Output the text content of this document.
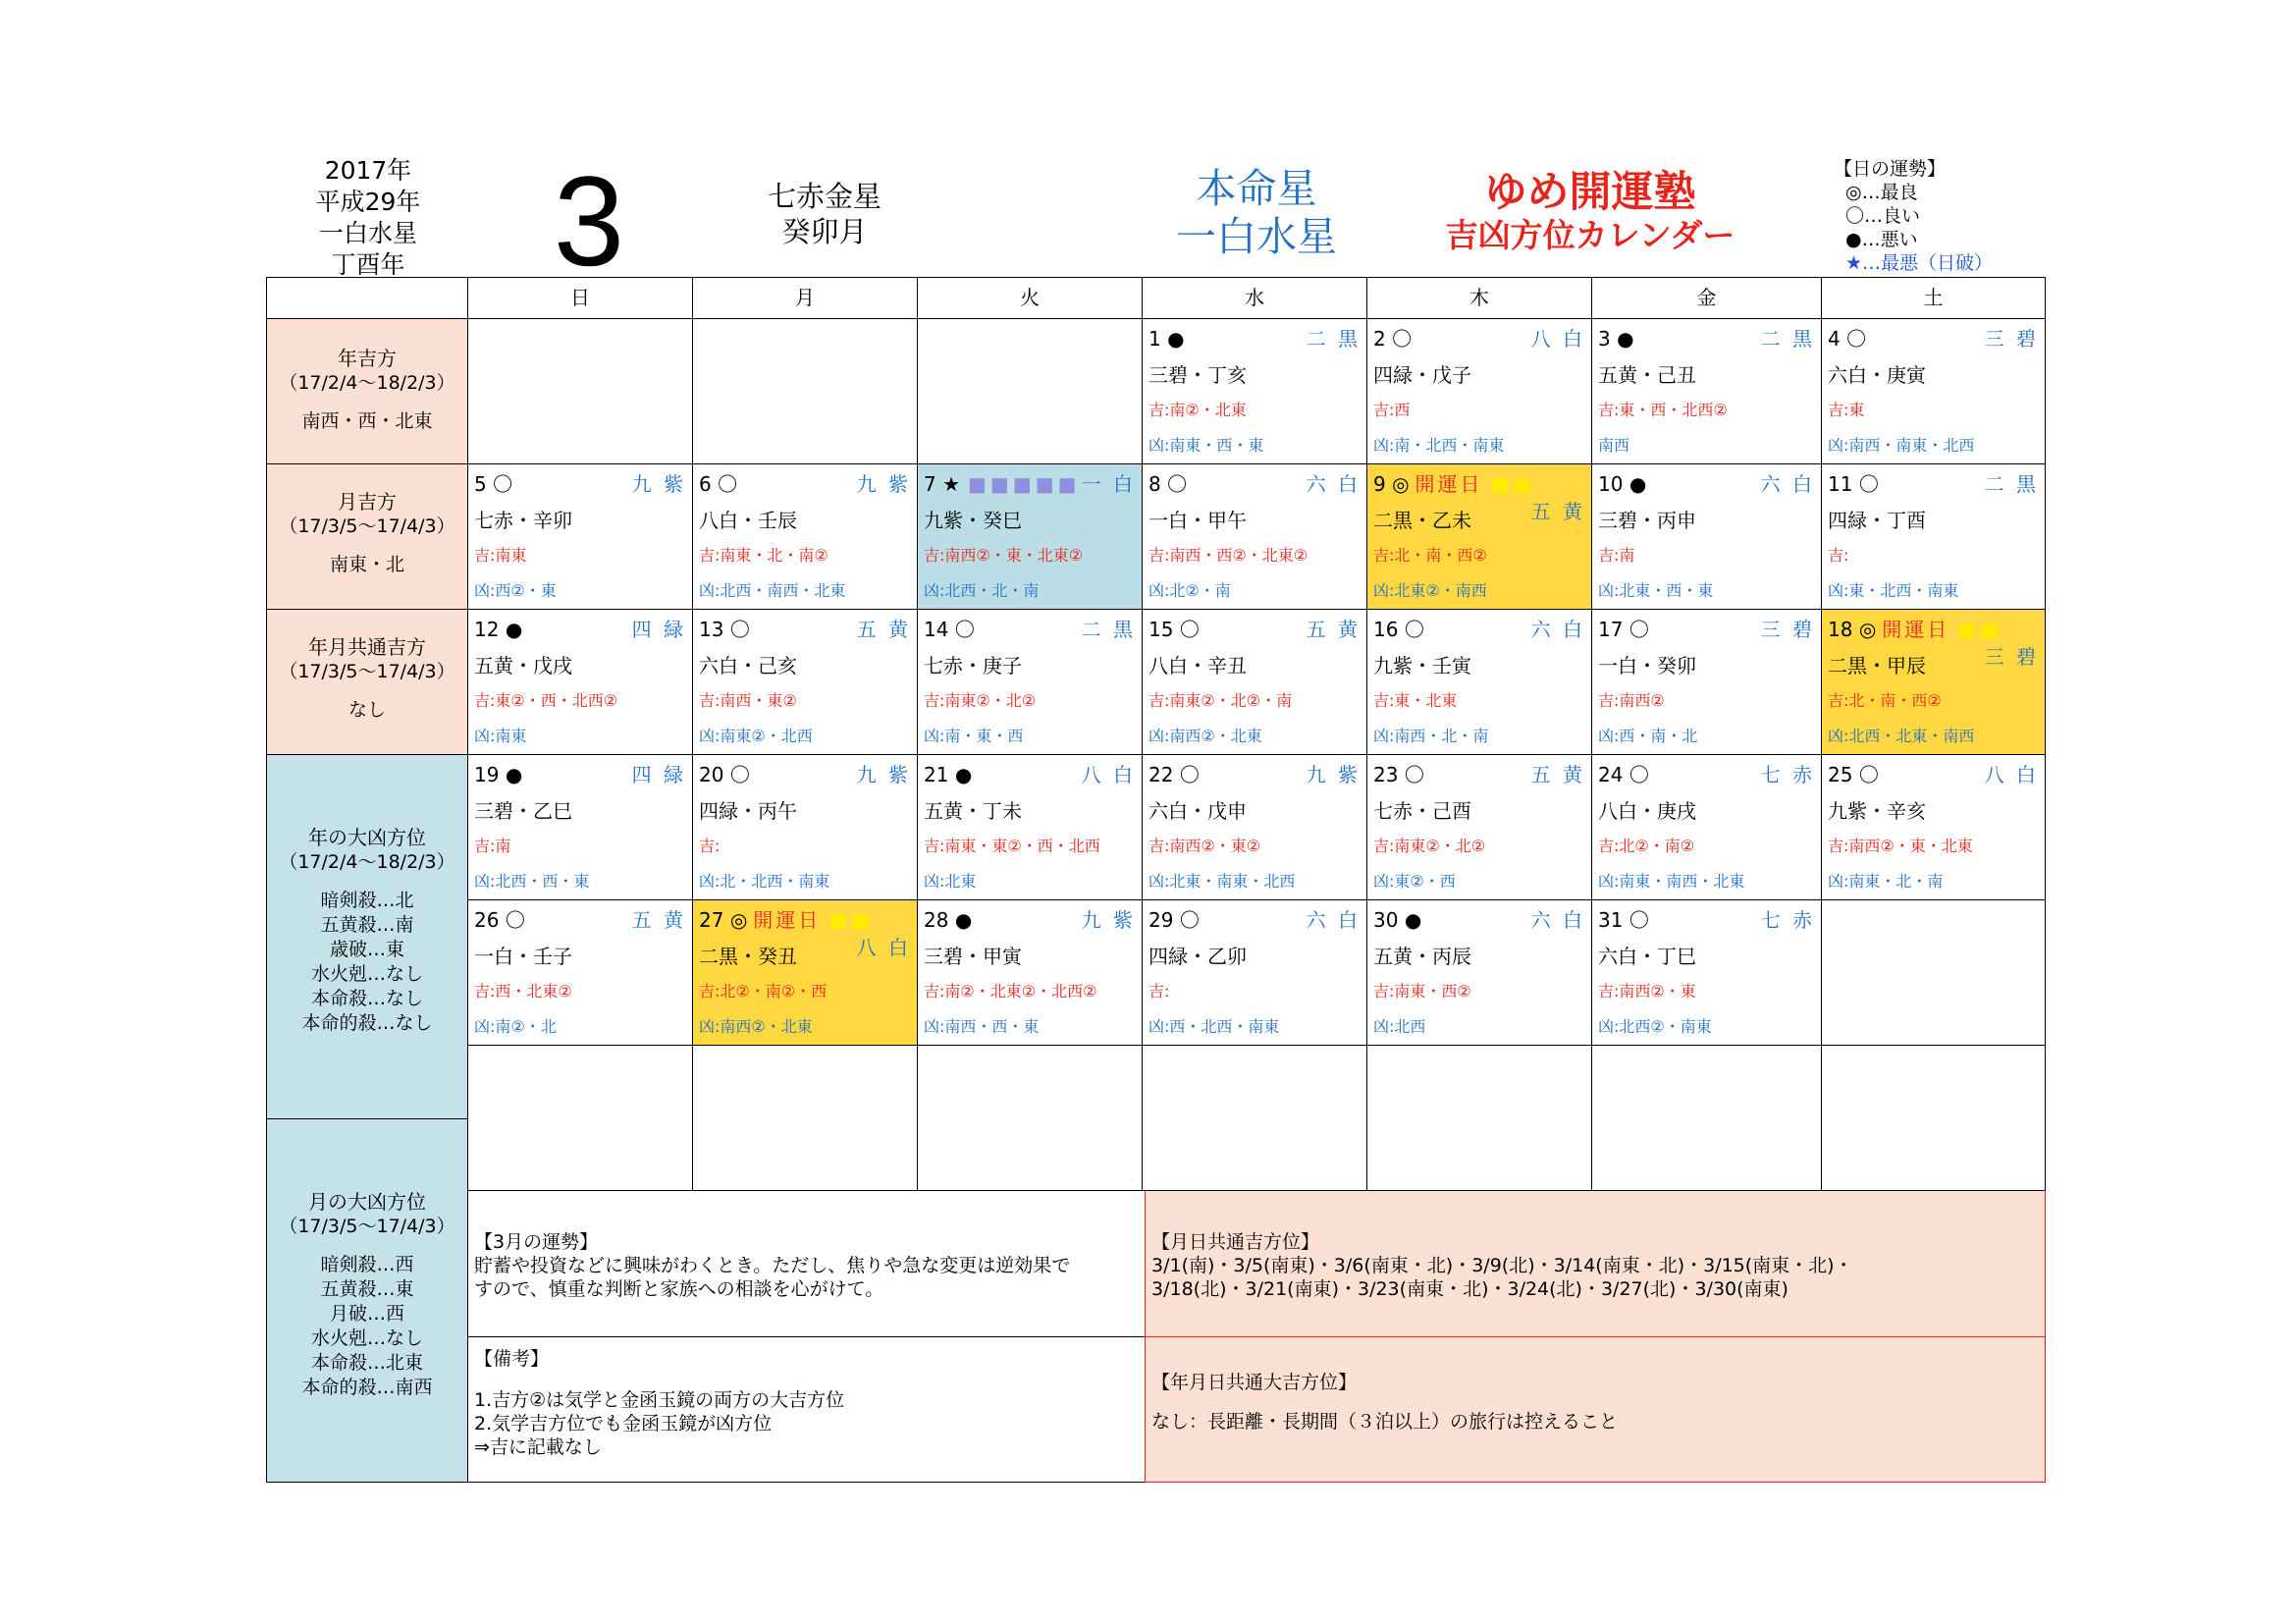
2017年
平成29年
一白水星
丁酉年	3	七赤金星
癸卯月
本命星
一白水星
ゆめ開運塾
吉凶方位カレンダー
【日の運勢】
◎…最良
〇…良い
●…悪い
★…最悪（日破）
年吉方
（17/2/4～18/2/3）
南西・西・北東
月吉方
（17/3/5～17/4/3）
南東・北
年月共通吉方
（17/3/5～17/4/3）
なし
年の大凶方位
（17/2/4～18/2/3）
暗剣殺…北
五黄殺…南
歳破…東
水火剋…なし
本命殺…なし
本命的殺…なし
月の大凶方位
（17/3/5～17/4/3）
暗剣殺…西
五黄殺…東
月破…西
水火剋…なし
本命殺…北東
本命的殺…南西
【3月の運勢】
貯蓄や投資などに興味がわくとき。ただし、焦りや急な変更は逆効果で
すので、慎重な判断と家族への相談を心がけて。
【月日共通吉方位】
3/1(南)・3/5(南東)・3/6(南東・北)・3/9(北)・3/14(南東・北)・3/15(南東・北)・
3/18(北)・3/21(南東)・3/23(南東・北)・3/24(北)・3/27(北)・3/30(南東)
【備考】
1.吉方②は気学と金函玉鏡の両方の大吉方位
2.気学吉方位でも金函玉鏡が凶方位
⇒吉に記載なし
【年月日共通大吉方位】
なし：長距離・長期間（３泊以上）の旅行は控えること
日	月	火	水	木	金	土
1 ●	二 黒
三碧・丁亥
吉:南②・北東
凶:南東・西・東
2 〇	八 白
四緑・戊子
吉:西
凶:南・北西・南東
3 ●	二 黒
五黄・己丑
吉:東・西・北西②
南西
4 〇	三 碧
六白・庚寅
吉:東
凶:南西・南東・北西
5 〇	九 紫
七赤・辛卯
吉:南東
凶:西②・東
6 〇	九 紫
八白・壬辰
吉:南東・北・南②
凶:北西・南西・北東
7 ★ ■■■■■ 一 白
九紫・癸巳
吉:南西②・東・北東②
凶:北西・北・南
8 〇	六 白
一白・甲午
吉:南西・西②・北東②
凶:北②・南
9 ◎ 開運日 ■■
五 黄
二黒・乙未
吉:北・南・西②
凶:北東②・南西
10 ●	六 白
三碧・丙申
吉:南
凶:北東・西・東
11 〇	二 黒
四緑・丁酉
吉:
凶:東・北西・南東
12 ●	四 緑
五黄・戊戌
吉:東②・西・北西②
凶:南東
13 〇	五 黄
六白・己亥
吉:南西・東②
凶:南東②・北西
14 〇	二 黒
七赤・庚子
吉:南東②・北②
凶:南・東・西
15 〇	五 黄
八白・辛丑
吉:南東②・北②・南
凶:南西②・北東
16 〇	六 白
九紫・壬寅
吉:東・北東
凶:南西・北・南
17 〇	三 碧
一白・癸卯
吉:南西②
凶:西・南・北
18 ◎ 開運日 ■■
三 碧
二黒・甲辰
吉:北・南・西②
凶:北西・北東・南西
19 ●	四 緑
三碧・乙巳
吉:南
凶:北西・西・東
20 〇	九 紫
四緑・丙午
吉:
凶:北・北西・南東
21 ●	八 白
五黄・丁未
吉:南東・東②・西・北西
凶:北東
22 〇	九 紫
六白・戊申
吉:南西②・東②
凶:北東・南東・北西
23 〇	五 黄
七赤・己酉
吉:南東②・北②
凶:東②・西
24 〇	七 赤
八白・庚戌
吉:北②・南②
凶:南東・南西・北東
25 〇	八 白
九紫・辛亥
吉:南西②・東・北東
凶:南東・北・南
26 〇	五 黄
一白・壬子
吉:西・北東②
凶:南②・北
27 ◎ 開運日 ■■
八 白
二黒・癸丑
吉:北②・南②・西
凶:南西②・北東
28 ●	九 紫
三碧・甲寅
吉:南②・北東②・北西②
凶:南西・西・東
29 〇	六 白
四緑・乙卯
吉:
凶:西・北西・南東
30 ●	六 白
五黄・丙辰
吉:南東・西②
凶:北西
31 〇	七 赤
六白・丁巳
吉:南西②・東
凶:北西②・南東
